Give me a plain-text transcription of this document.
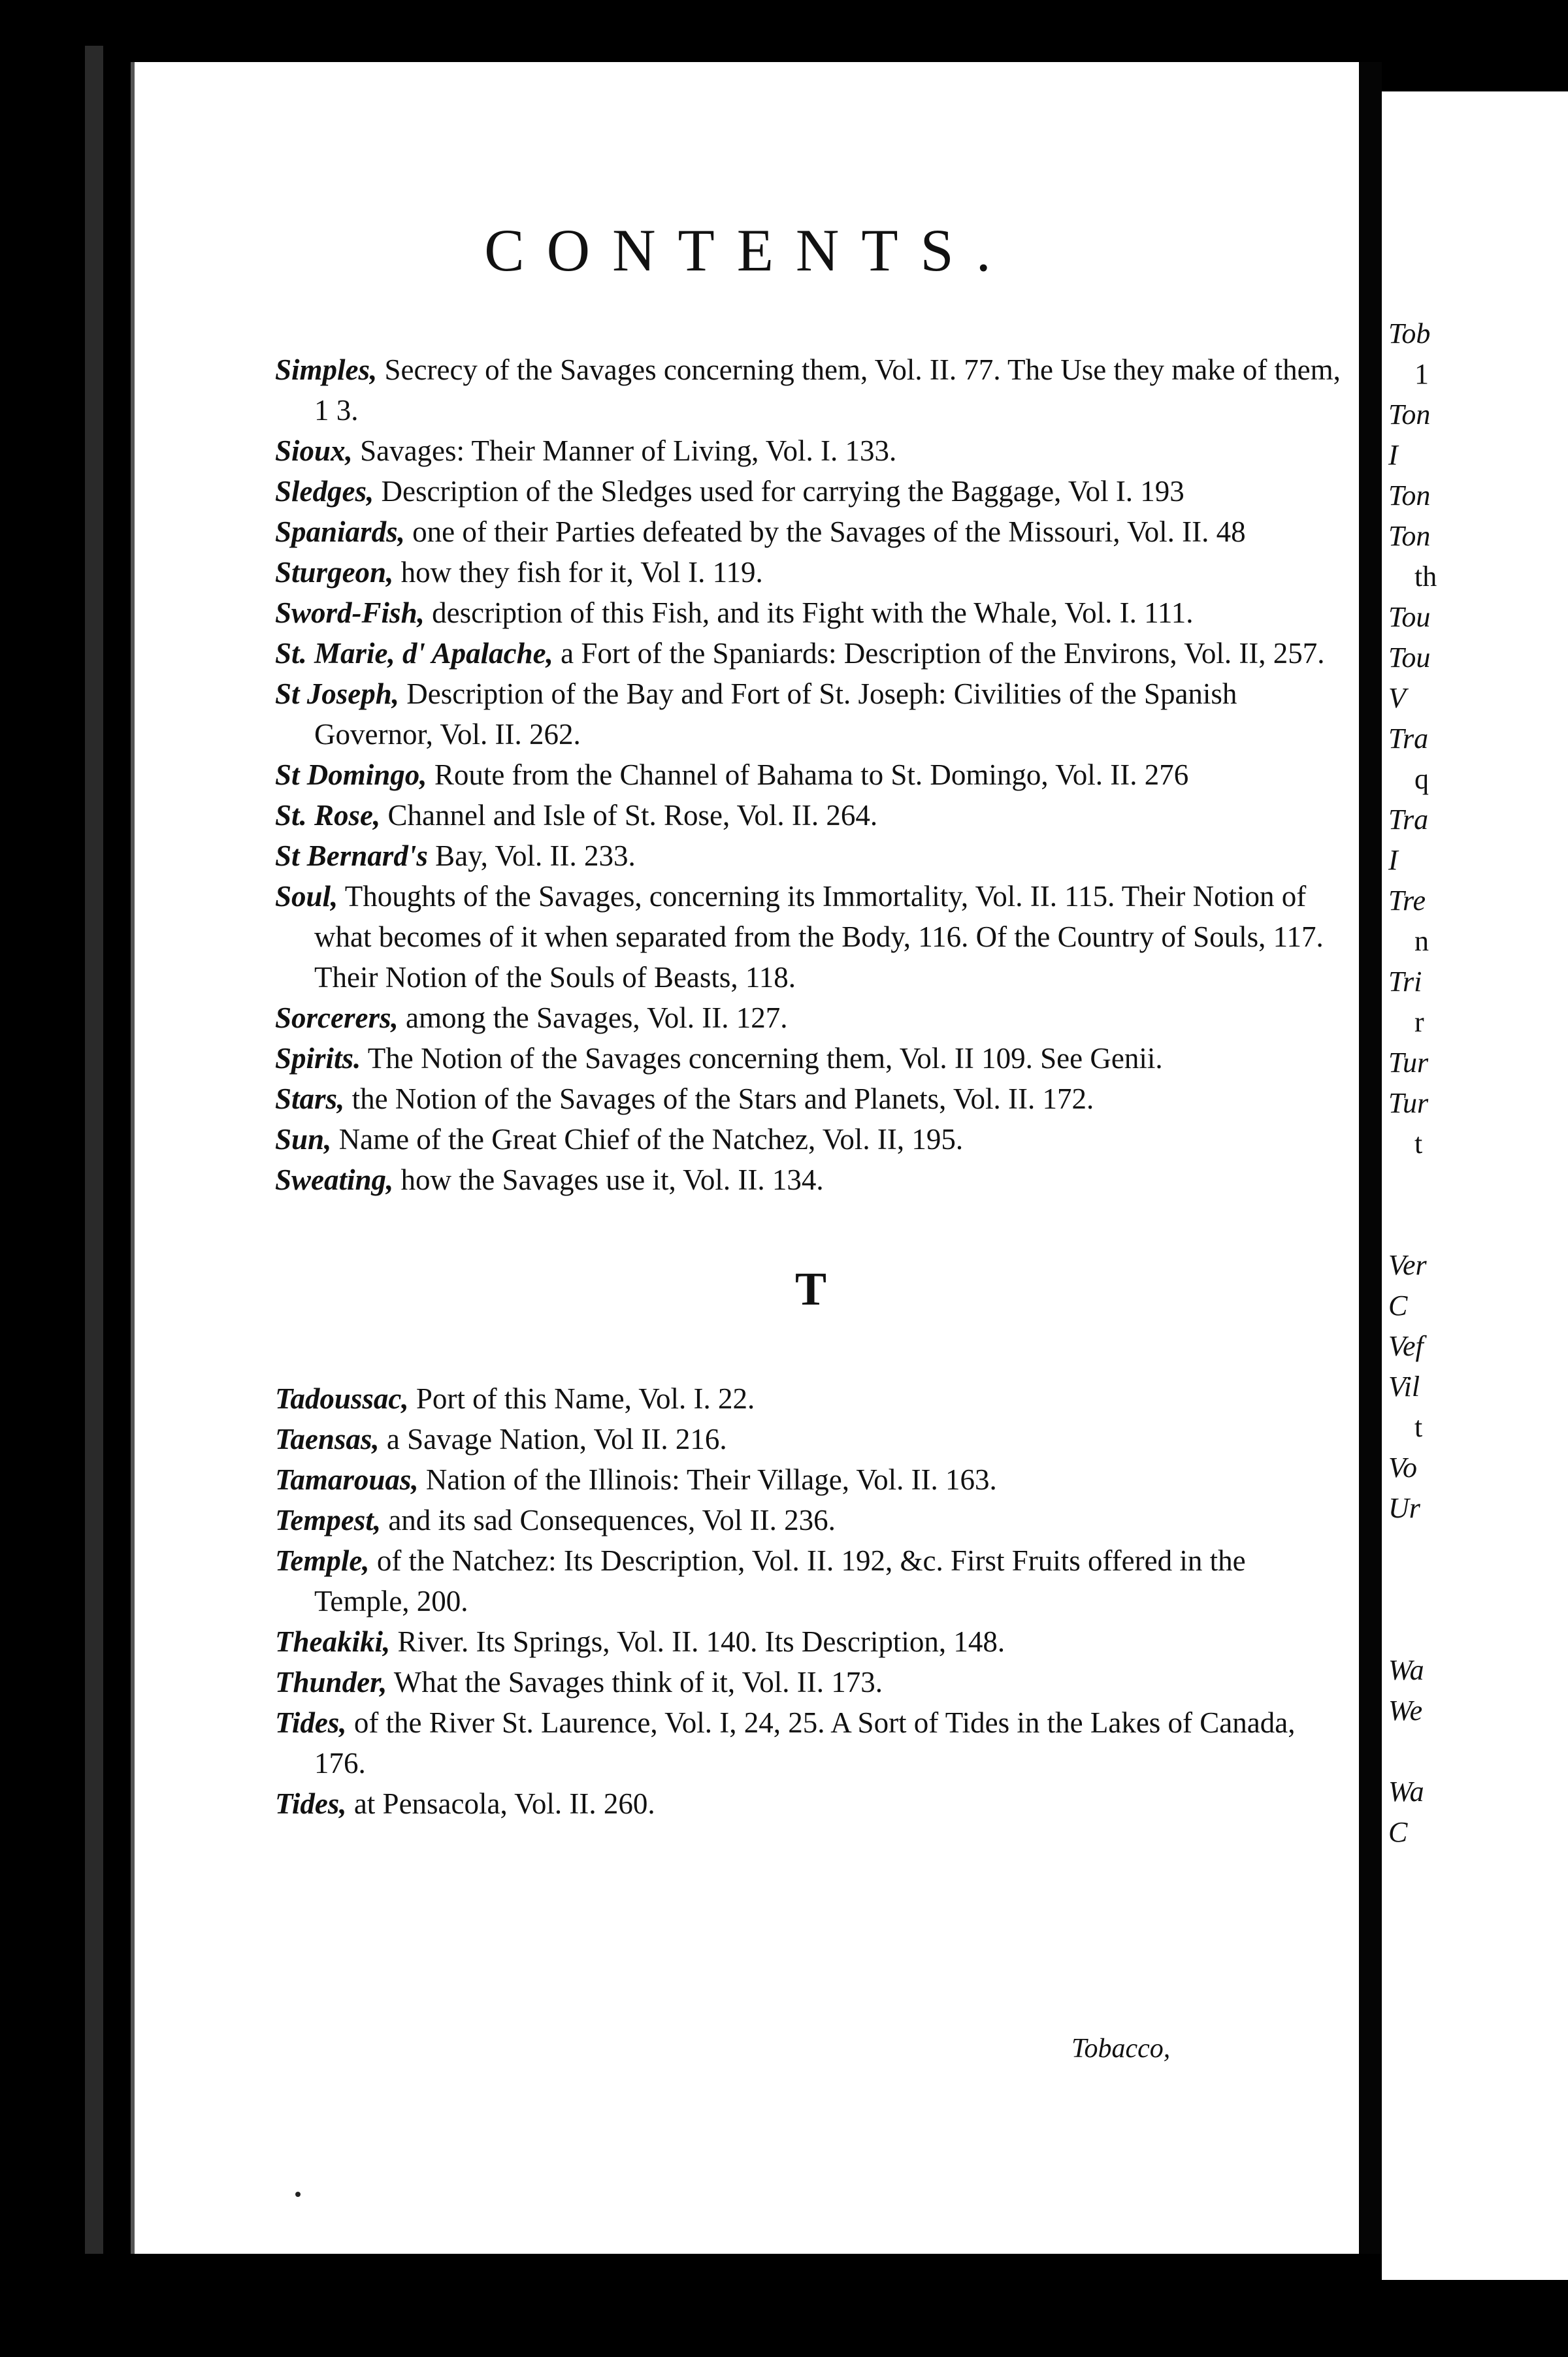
CONTENTS.

Simples, Secrecy of the Savages concerning them, Vol. II. 77. The Use they make of them, 1 3.

Sioux, Savages: Their Manner of Living, Vol. I. 133.

Sledges, Description of the Sledges used for carrying the Baggage, Vol I. 193

Spaniards, one of their Parties defeated by the Savages of the Missouri, Vol. II. 48

Sturgeon, how they fish for it, Vol I. 119.

Sword-Fish, description of this Fish, and its Fight with the Whale, Vol. I. 111.

St. Marie, d' Apalache, a Fort of the Spaniards: Description of the Environs, Vol. II, 257.

St Joseph, Description of the Bay and Fort of St. Joseph: Civilities of the Spanish Governor, Vol. II. 262.

St Domingo, Route from the Channel of Bahama to St. Domingo, Vol. II. 276

St. Rose, Channel and Isle of St. Rose, Vol. II. 264.

St Bernard's Bay, Vol. II. 233.

Soul, Thoughts of the Savages, concerning its Immortality, Vol. II. 115. Their Notion of what becomes of it when separated from the Body, 116. Of the Country of Souls, 117. Their Notion of the Souls of Beasts, 118.

Sorcerers, among the Savages, Vol. II. 127.

Spirits. The Notion of the Savages concerning them, Vol. II 109. See Genii.

Stars, the Notion of the Savages of the Stars and Planets, Vol. II. 172.

Sun, Name of the Great Chief of the Natchez, Vol. II, 195.

Sweating, how the Savages use it, Vol. II. 134.

T

Tadoussac, Port of this Name, Vol. I. 22.

Taensas, a Savage Nation, Vol II. 216.

Tamarouas, Nation of the Illinois: Their Village, Vol. II. 163.

Tempest, and its sad Consequences, Vol II. 236.

Temple, of the Natchez: Its Description, Vol. II. 192, &c. First Fruits offered in the Temple, 200.

Theakiki, River. Its Springs, Vol. II. 140. Its Description, 148.

Thunder, What the Savages think of it, Vol. II. 173.

Tides, of the River St. Laurence, Vol. I, 24, 25. A Sort of Tides in the Lakes of Canada, 176.

Tides, at Pensacola, Vol. II. 260.

Tobacco,

Tob

1

Ton

I

Ton

Ton

th

Tou

Tou

V

Tra

q

Tra

I

Tre

n

Tri

r

Tur

Tur

t

Ver

C

Vef

Vil

t

Vo

Ur

Wa

We

Wa

C
